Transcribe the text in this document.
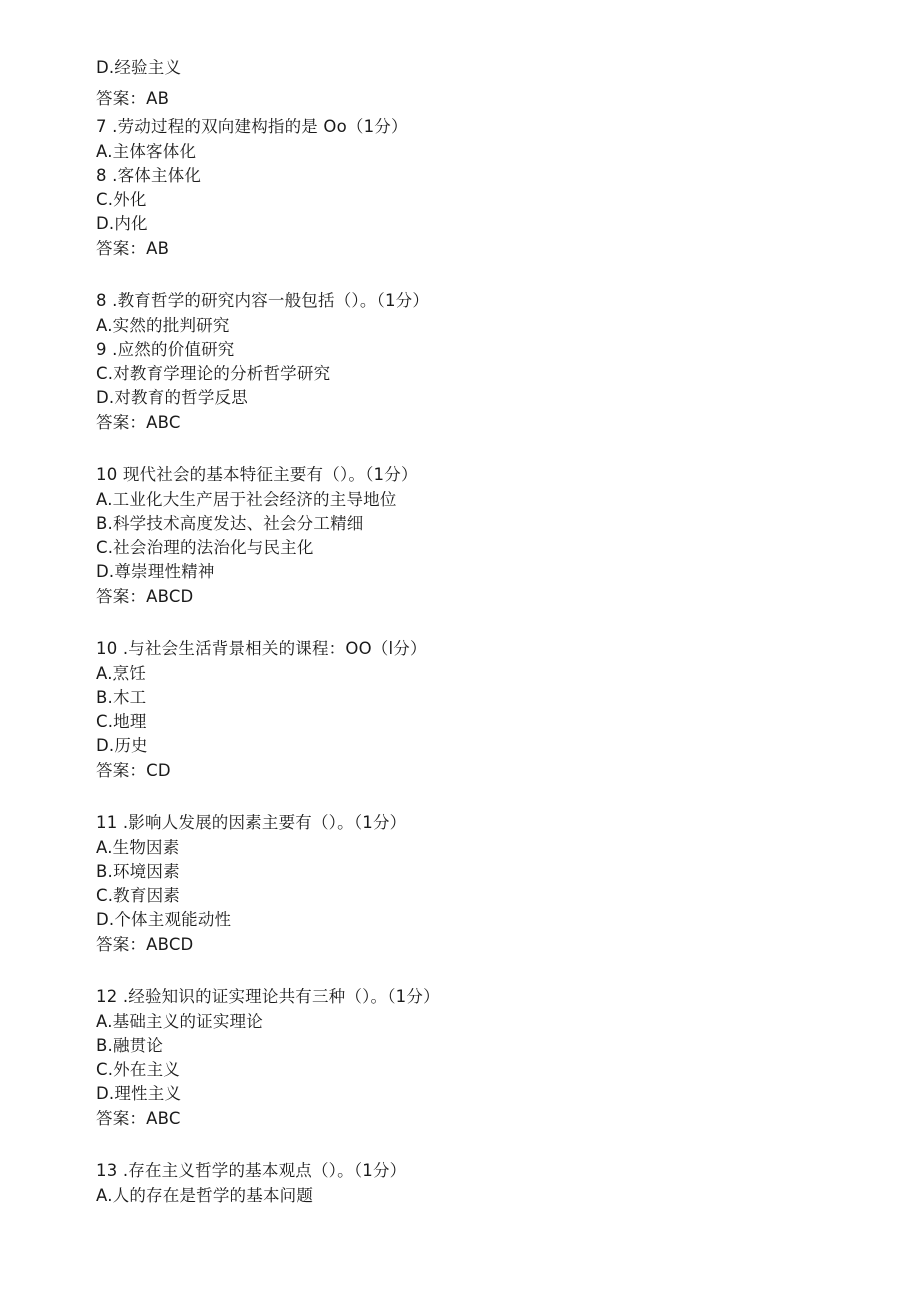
D.经验主义
答案：AB
7 .劳动过程的双向建构指的是 Oo（1分）
A.主体客体化
8 .客体主体化
C.外化
D.内化
答案：AB
8 .教育哲学的研究内容一般包括（）。（1分）
A.实然的批判研究
9 .应然的价值研究
C.对教育学理论的分析哲学研究
D.对教育的哲学反思
答案：ABC
10 现代社会的基本特征主要有（）。（1分）
A.工业化大生产居于社会经济的主导地位
B.科学技术高度发达、社会分工精细
C.社会治理的法治化与民主化
D.尊崇理性精神
答案：ABCD
10 .与社会生活背景相关的课程：OO（l分）
A.烹饪
B.木工
C.地理
D.历史
答案：CD
11 .影响人发展的因素主要有（）。（1分）
A.生物因素
B.环境因素
C.教育因素
D.个体主观能动性
答案：ABCD
12 .经验知识的证实理论共有三种（）。（1分）
A.基础主义的证实理论
B.融贯论
C.外在主义
D.理性主义
答案：ABC
13 .存在主义哲学的基本观点（）。（1分）
A.人的存在是哲学的基本问题
